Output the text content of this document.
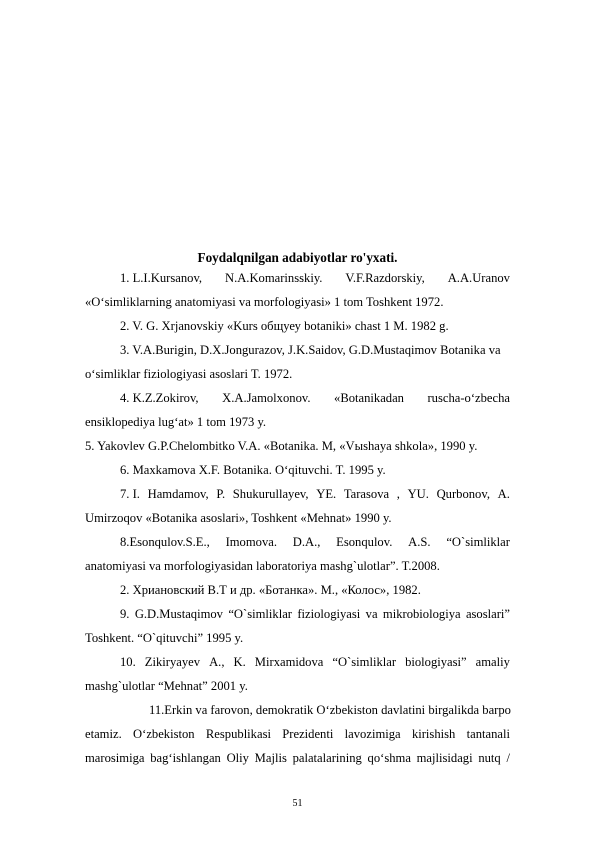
Foydalqnilgan adabiyotlar ro'yxati.
1. L.I.Kursanov, N.A.Komarinsskiy. V.F.Razdorskiy, A.A.Uranov
«O‘simliklarning anatomiyasi va morfologiyasi» 1 tom Toshkent 1972.
2. V. G. Xrjanovskiy «Kurs общуеу botaniki» chast 1 M. 1982 g.
3. V.A.Burigin, D.X.Jongurazov, J.K.Saidov, G.D.Mustaqimov Botanika va
o‘simliklar fiziologiyasi asoslari T. 1972.
4. K.Z.Zokirov, X.A.Jamolxonov. «Botanikadan ruscha-o‘zbecha
ensiklopediya lug‘at» 1 tom 1973 y.
5. Yakovlev G.P.Chelombitko V.A. «Botanika. M, «Vыshaya shkola», 1990 y.
6. Maxkamova X.F. Botanika. O‘qituvchi. T. 1995 y.
7. I. Hamdamov, P. Shukurullayev, YE. Tarasova , YU. Qurbonov, A.
Umirzoqov «Botanika asoslari», Toshkent «Mehnat» 1990 y.
8.Esonqulov.S.E., Imomova. D.A., Esonqulov. A.S. “O`simliklar
anatomiyasi va morfologiyasidan laboratoriya mashg`ulotlar”. T.2008.
2. Хриановский В.Т и др. «Ботанка». М., «Колос», 1982.
9. G.D.Mustaqimov “O`simliklar fiziologiyasi va mikrobiologiya asoslari”
Toshkent. “O`qituvchi” 1995 y.
10. Zikiryayev A., K. Mirxamidova “O`simliklar biologiyasi” amaliy
mashg`ulotlar “Mehnat” 2001 y.
11.Erkin va farovon, demokratik O‘zbekiston davlatini birgalikda barpo
etamiz. O‘zbekiston Respublikasi Prezidenti lavozimiga kirishish tantanali
marosimiga bag‘ishlangan Oliy Majlis palatalarining qo‘shma majlisidagi nutq /
51
